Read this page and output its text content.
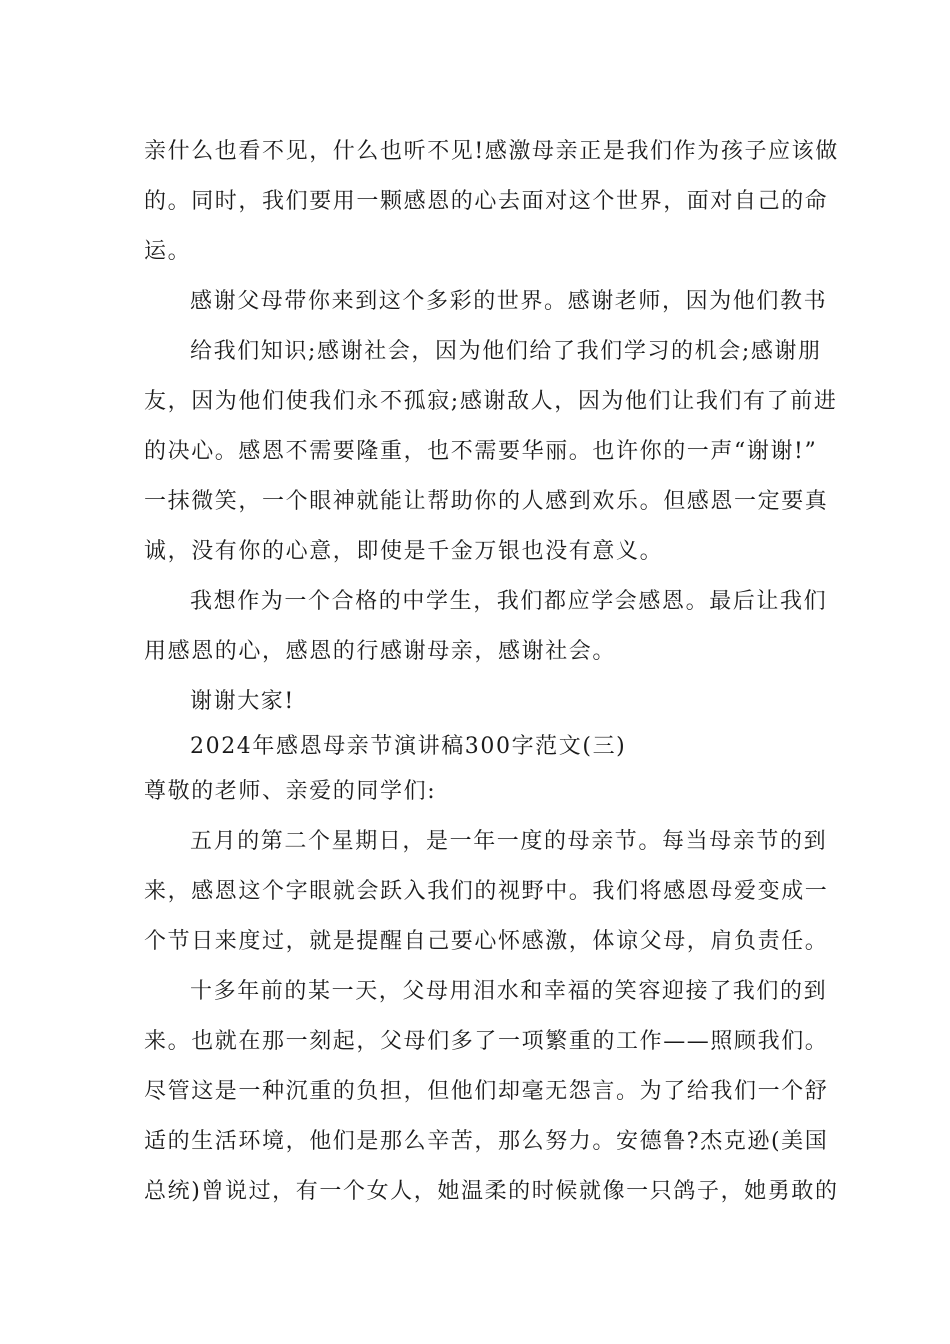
亲什么也看不见，什么也听不见!感激母亲正是我们作为孩子应该做
的。同时，我们要用一颗感恩的心去面对这个世界，面对自己的命
运。
感谢父母带你来到这个多彩的世界。感谢老师，因为他们教书
给我们知识;感谢社会，因为他们给了我们学习的机会;感谢朋
友，因为他们使我们永不孤寂;感谢敌人，因为他们让我们有了前进
的决心。感恩不需要隆重，也不需要华丽。也许你的一声“谢谢!”
一抹微笑，一个眼神就能让帮助你的人感到欢乐。但感恩一定要真
诚，没有你的心意，即使是千金万银也没有意义。
我想作为一个合格的中学生，我们都应学会感恩。最后让我们
用感恩的心，感恩的行感谢母亲，感谢社会。
谢谢大家!
2024年感恩母亲节演讲稿300字范文(三)
尊敬的老师、亲爱的同学们:
五月的第二个星期日，是一年一度的母亲节。每当母亲节的到
来，感恩这个字眼就会跃入我们的视野中。我们将感恩母爱变成一
个节日来度过，就是提醒自己要心怀感激，体谅父母，肩负责任。
十多年前的某一天，父母用泪水和幸福的笑容迎接了我们的到
来。也就在那一刻起，父母们多了一项繁重的工作——照顾我们。
尽管这是一种沉重的负担，但他们却毫无怨言。为了给我们一个舒
适的生活环境，他们是那么辛苦，那么努力。安德鲁?杰克逊(美国
总统)曾说过，有一个女人，她温柔的时候就像一只鸽子，她勇敢的
